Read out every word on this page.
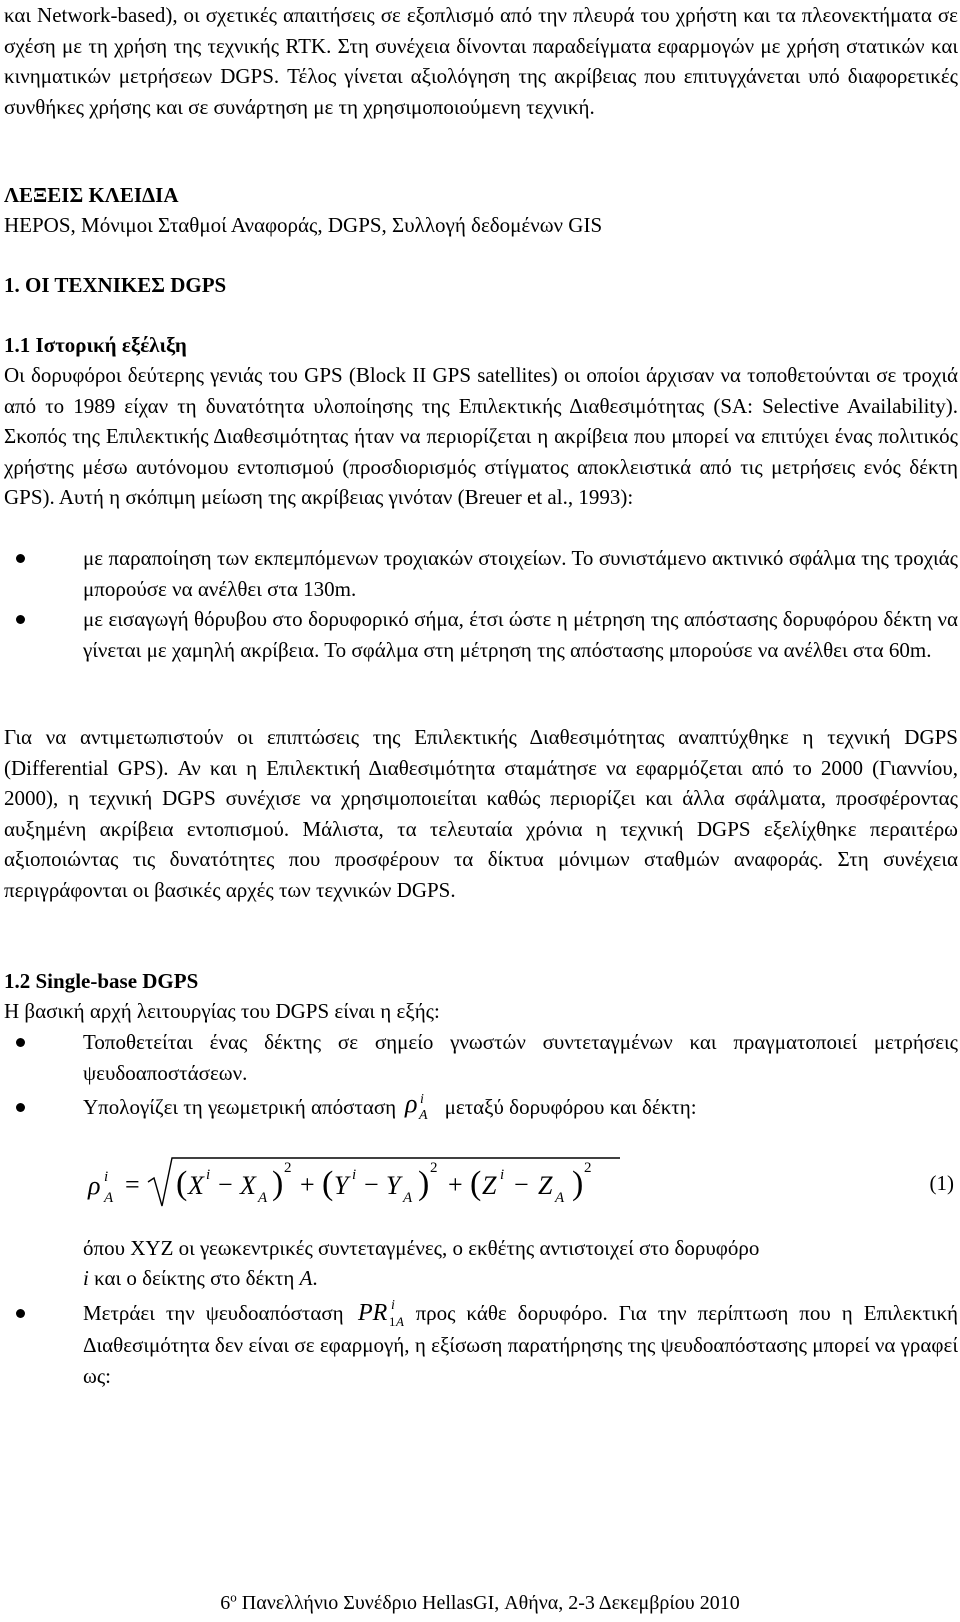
και Network-based), οι σχετικές απαιτήσεις σε εξοπλισμό από την πλευρά του χρήστη και τα πλεονεκτήματα σε σχέση με τη χρήση της τεχνικής RTK. Στη συνέχεια δίνονται παραδείγματα εφαρμογών με χρήση στατικών και κινηματικών μετρήσεων DGPS. Τέλος γίνεται αξιολόγηση της ακρίβειας που επιτυγχάνεται υπό διαφορετικές συνθήκες χρήσης και σε συνάρτηση με τη χρησιμοποιούμενη τεχνική.

ΛΕΞΕΙΣ ΚΛΕΙΔΙΑ

HEPOS, Μόνιμοι Σταθμοί Αναφοράς, DGPS, Συλλογή δεδομένων GIS

1. ΟΙ ΤΕΧΝΙΚΕΣ DGPS

1.1 Ιστορική εξέλιξη

Οι δορυφόροι δεύτερης γενιάς του GPS (Block II GPS satellites) οι οποίοι άρχισαν να τοποθετούνται σε τροχιά από το 1989 είχαν τη δυνατότητα υλοποίησης της Επιλεκτικής Διαθεσιμότητας (SA: Selective Availability). Σκοπός της Επιλεκτικής Διαθεσιμότητας ήταν να περιορίζεται η ακρίβεια που μπορεί να επιτύχει ένας πολιτικός χρήστης μέσω αυτόνομου εντοπισμού (προσδιορισμός στίγματος αποκλειστικά από τις μετρήσεις ενός δέκτη GPS). Αυτή η σκόπιμη μείωση της ακρίβειας γινόταν (Breuer et al., 1993):

με παραποίηση των εκπεμπόμενων τροχιακών στοιχείων. Το συνιστάμενο ακτινικό σφάλμα της τροχιάς μπορούσε να ανέλθει στα 130m.
με εισαγωγή θόρυβου στο δορυφορικό σήμα, έτσι ώστε η μέτρηση της απόστασης δορυφόρου δέκτη να γίνεται με χαμηλή ακρίβεια. Το σφάλμα στη μέτρηση της απόστασης μπορούσε να ανέλθει στα 60m.

Για να αντιμετωπιστούν οι επιπτώσεις της Επιλεκτικής Διαθεσιμότητας αναπτύχθηκε η τεχνική DGPS (Differential GPS). Αν και η Επιλεκτική Διαθεσιμότητα σταμάτησε να εφαρμόζεται από το 2000 (Γιαννίου, 2000), η τεχνική DGPS συνέχισε να χρησιμοποιείται καθώς περιορίζει και άλλα σφάλματα, προσφέροντας αυξημένη ακρίβεια εντοπισμού. Μάλιστα, τα τελευταία χρόνια η τεχνική DGPS εξελίχθηκε περαιτέρω αξιοποιώντας τις δυνατότητες που προσφέρουν τα δίκτυα μόνιμων σταθμών αναφοράς. Στη συνέχεια περιγράφονται οι βασικές αρχές των τεχνικών DGPS.

1.2 Single-base DGPS

Η βασική αρχή λειτουργίας του DGPS είναι η εξής:

Τοποθετείται ένας δέκτης σε σημείο γνωστών συντεταγμένων και πραγματοποιεί μετρήσεις ψευδοαποστάσεων.
Υπολογίζει τη γεωμετρική απόσταση ρ i
A μεταξύ δορυφόρου και δέκτη:
ρ i
A = ( X i − X A ) 2
+ ( Y i − Y A ) 2
+ ( Z i − Z A ) 2
(1)
όπου XYZ οι γεωκεντρικές συντεταγμένες, ο εκθέτης αντιστοιχεί στο δορυφόρο
i και ο δείκτης στο δέκτη A.
Μετράει την ψευδοαπόσταση PR i
1 A προς κάθε δορυφόρο. Για την περίπτωση που η Επιλεκτική Διαθεσιμότητα δεν είναι σε εφαρμογή, η εξίσωση παρατήρησης της ψευδοαπόστασης μπορεί να γραφεί ως:
$6^o$ Πανελλήνιο Συνέδριο HellasGI, Αθήνα, 2-3 Δεκεμβρίου 2010
